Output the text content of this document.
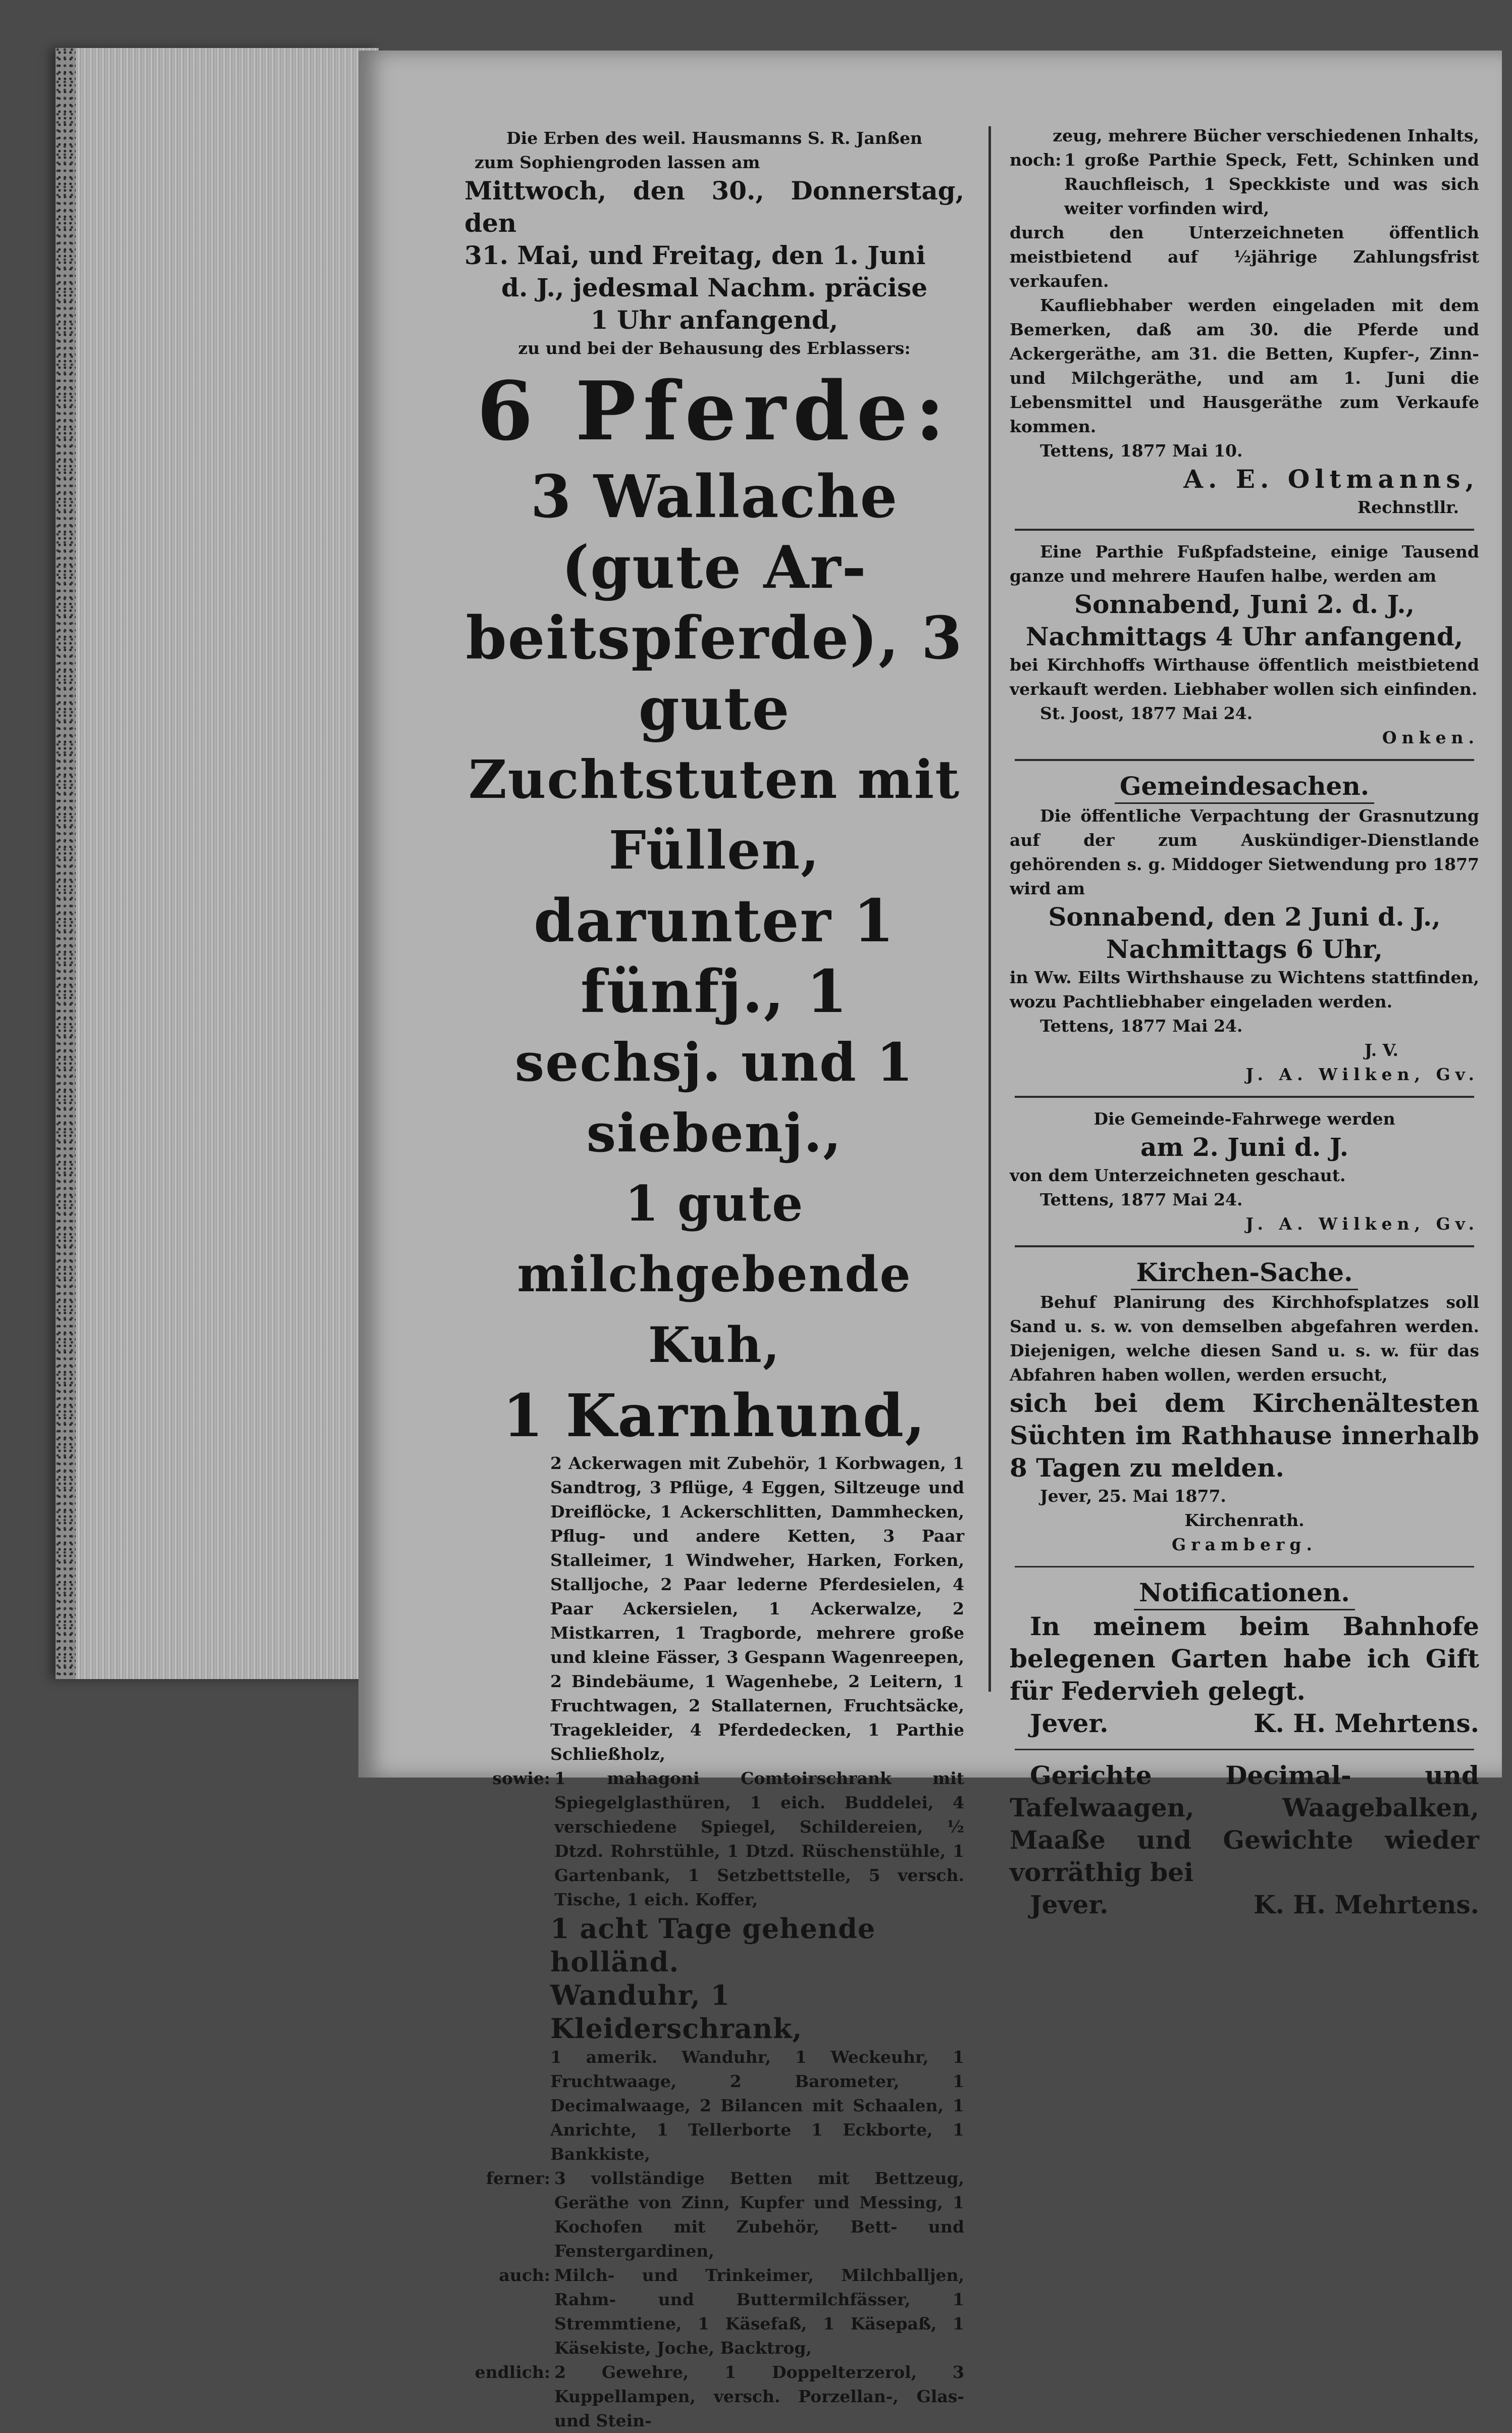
Die Erben des weil. Hausmanns S. R. Janßen

zum Sophiengroden lassen am

Mittwoch, den 30., Donnerstag, den

31. Mai, und Freitag, den 1. Juni

d. J., jedesmal Nachm. präcise

1 Uhr anfangend,

zu und bei der Behausung des Erblassers:

6 Pferde:

3 Wallache (gute Ar-

beitspferde), 3 gute

Zuchtstuten mit Füllen,

darunter 1 fünfj., 1

sechsj. und 1 siebenj.,

1 gute milchgebende Kuh,

1 Karnhund,

2 Ackerwagen mit Zubehör, 1 Korbwagen, 1 Sandtrog, 3 Pflüge, 4 Eggen, Siltzeuge und Dreiflöcke, 1 Ackerschlitten, Dammhecken, Pflug- und andere Ketten, 3 Paar Stalleimer, 1 Windweher, Harken, Forken, Stalljoche, 2 Paar lederne Pferdesielen, 4 Paar Ackersielen, 1 Ackerwalze, 2 Mistkarren, 1 Tragborde, mehrere große und kleine Fässer, 3 Gespann Wagenreepen, 2 Bindebäume, 1 Wagenhebe, 2 Leitern, 1 Fruchtwagen, 2 Stallaternen, Fruchtsäcke, Tragekleider, 4 Pferdedecken, 1 Parthie Schließholz,

sowie: 1 mahagoni Comtoirschrank mit Spiegelglasthüren, 1 eich. Buddelei, 4 verschiedene Spiegel, Schildereien, ½ Dtzd. Rohrstühle, 1 Dtzd. Rüschenstühle, 1 Gartenbank, 1 Setzbettstelle, 5 versch. Tische, 1 eich. Koffer,

1 acht Tage gehende holländ.

Wanduhr, 1 Kleiderschrank,

1 amerik. Wanduhr, 1 Weckeuhr, 1 Fruchtwaage, 2 Barometer, 1 Decimalwaage, 2 Bilancen mit Schaalen, 1 Anrichte, 1 Tellerborte 1 Eckborte, 1 Bankkiste,

ferner: 3 vollständige Betten mit Bettzeug, Geräthe von Zinn, Kupfer und Messing, 1 Kochofen mit Zubehör, Bett- und Fenstergardinen,
auch: Milch- und Trinkeimer, Milchballjen, Rahm- und Buttermilchfässer, 1 Stremmtiene, 1 Käsefaß, 1 Käsepaß, 1 Käsekiste, Joche, Backtrog,
endlich: 2 Gewehre, 1 Doppelterzerol, 3 Kuppellampen, versch. Porzellan-, Glas- und Stein-

zeug, mehrere Bücher verschiedenen Inhalts,

noch: 1 große Parthie Speck, Fett, Schinken und Rauchfleisch, 1 Speckkiste und was sich weiter vorfinden wird,

durch den Unterzeichneten öffentlich meistbietend auf ½jährige Zahlungsfrist verkaufen.

Kaufliebhaber werden eingeladen mit dem Bemerken, daß am 30. die Pferde und Ackergeräthe, am 31. die Betten, Kupfer-, Zinn- und Milchgeräthe, und am 1. Juni die Lebensmittel und Hausgeräthe zum Verkaufe kommen.

Tettens, 1877 Mai 10.

A. E. Oltmanns,

Rechnstllr.

Eine Parthie Fußpfadsteine, einige Tausend ganze und mehrere Haufen halbe, werden am

Sonnabend, Juni 2. d. J.,

Nachmittags 4 Uhr anfangend,

bei Kirchhoffs Wirthause öffentlich meistbietend verkauft werden. Liebhaber wollen sich einfinden.

St. Joost, 1877 Mai 24.

Onken.

Gemeindesachen.

Die öffentliche Verpachtung der Grasnutzung auf der zum Auskündiger-Dienstlande gehörenden s. g. Middoger Sietwendung pro 1877 wird am

Sonnabend, den 2 Juni d. J.,

Nachmittags 6 Uhr,

in Ww. Eilts Wirthshause zu Wichtens stattfinden, wozu Pachtliebhaber eingeladen werden.

Tettens, 1877 Mai 24.

J. V.

J. A. Wilken, Gv.

Die Gemeinde-Fahrwege werden

am 2. Juni d. J.

von dem Unterzeichneten geschaut.

Tettens, 1877 Mai 24.

J. A. Wilken, Gv.

Kirchen-Sache.

Behuf Planirung des Kirchhofsplatzes soll Sand u. s. w. von demselben abgefahren werden. Diejenigen, welche diesen Sand u. s. w. für das Abfahren haben wollen, werden ersucht,

sich bei dem Kirchenältesten Süchten im Rathhause innerhalb 8 Tagen zu melden.

Jever, 25. Mai 1877.

Kirchenrath.

Gramberg.

Notificationen.

In meinem beim Bahnhofe belegenen Garten habe ich Gift für Federvieh gelegt.

Jever.	K. H. Mehrtens.

Gerichte Decimal- und Tafelwaagen, Waagebalken, Maaße und Gewichte wieder vorräthig bei

Jever.	K. H. Mehrtens.
